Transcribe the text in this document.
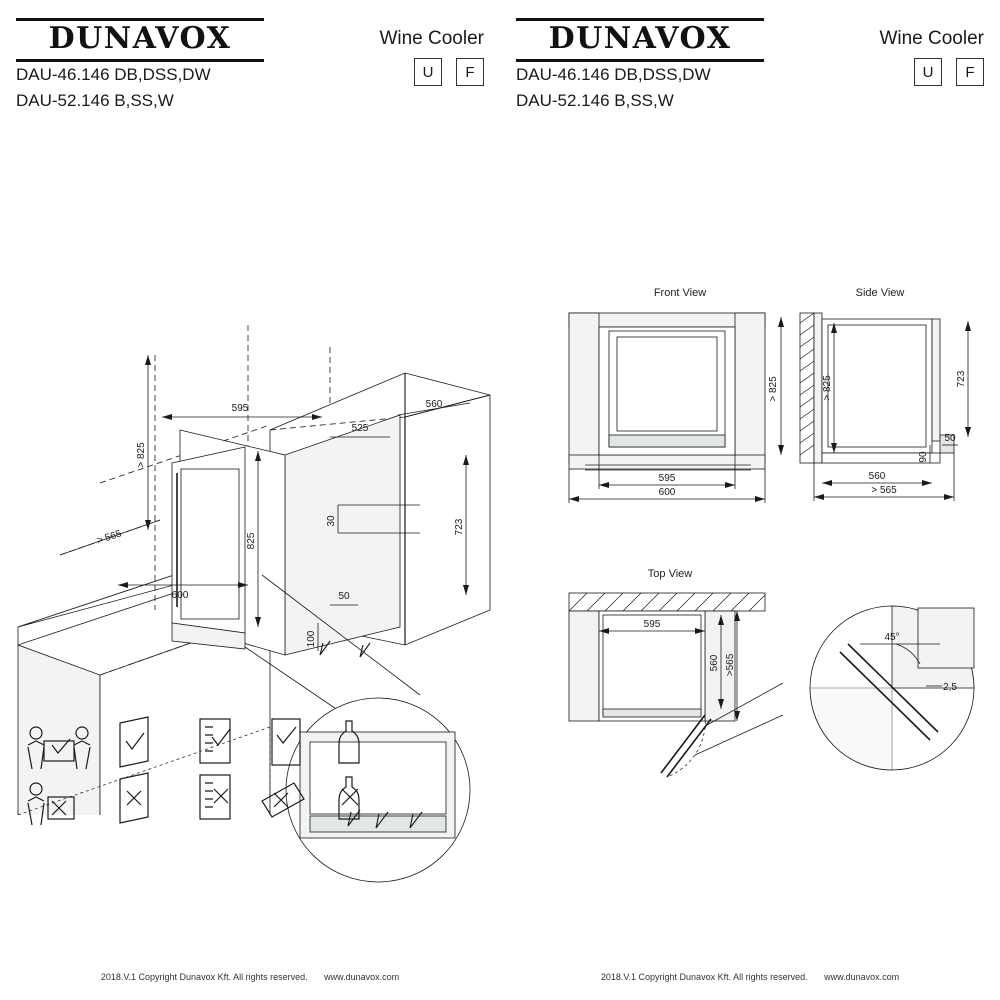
DUNAVOX
DAU-46.146 DB,DSS,DW
DAU-52.146 B,SS,W
Wine Cooler
U	F
> 825
> 565
600
595
525
560
825
723
30
50
100
2018.V.1 Copyright Dunavox Kft. All rights reserved. www.dunavox.com
DUNAVOX
DAU-46.146 DB,DSS,DW
DAU-52.146 B,SS,W
Wine Cooler
U	F
Front View	Side View
Top View
> 825
595
600
> 825	723
50
90
560
> 565
595
560 >565
45°
2,5
2018.V.1 Copyright Dunavox Kft. All rights reserved. www.dunavox.com
